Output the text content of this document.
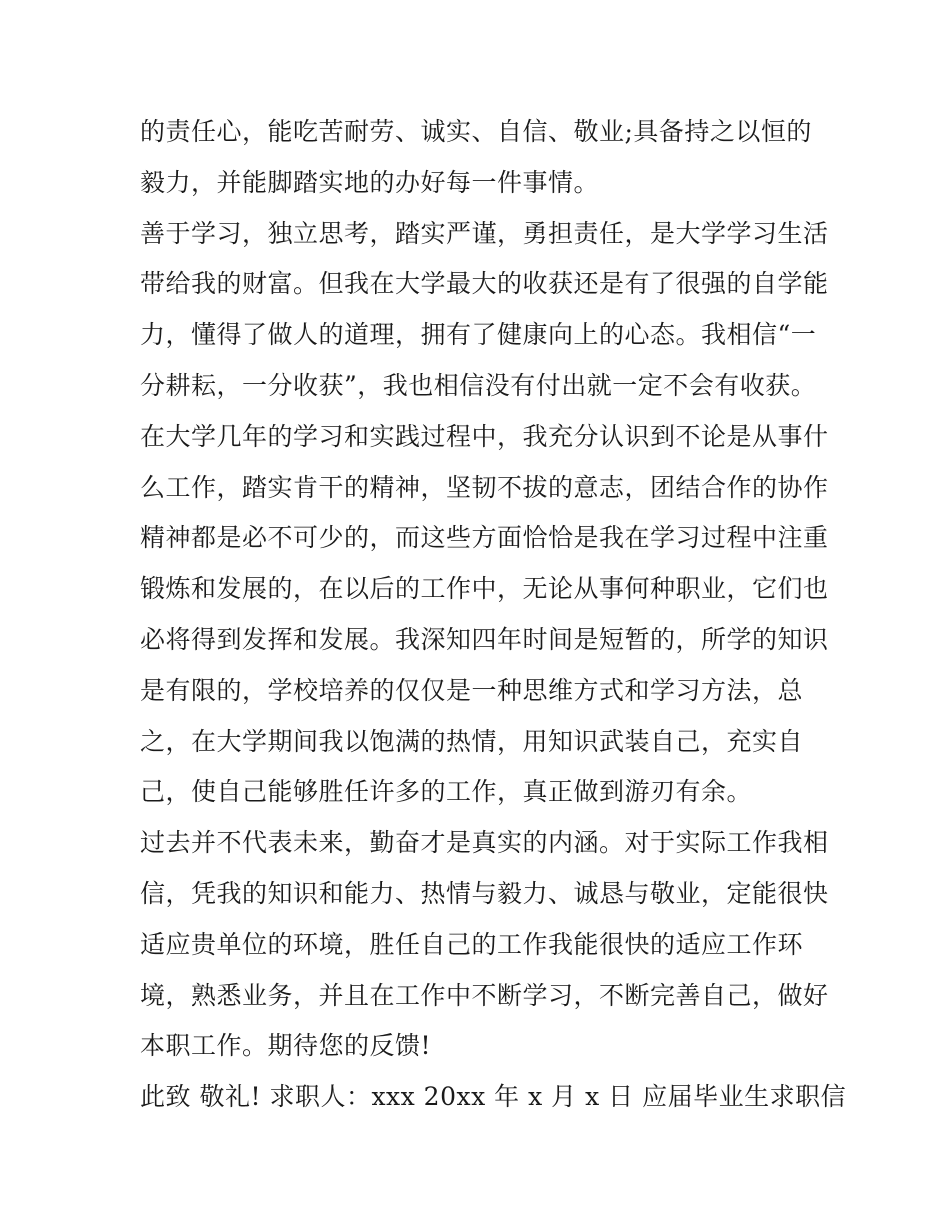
的责任心，能吃苦耐劳、诚实、自信、敬业;具备持之以恒的
毅力，并能脚踏实地的办好每一件事情。
善于学习，独立思考，踏实严谨，勇担责任，是大学学习生活
带给我的财富。但我在大学最大的收获还是有了很强的自学能
力，懂得了做人的道理，拥有了健康向上的心态。我相信“一
分耕耘，一分收获”，我也相信没有付出就一定不会有收获。
在大学几年的学习和实践过程中，我充分认识到不论是从事什
么工作，踏实肯干的精神，坚韧不拔的意志，团结合作的协作
精神都是必不可少的，而这些方面恰恰是我在学习过程中注重
锻炼和发展的，在以后的工作中，无论从事何种职业，它们也
必将得到发挥和发展。我深知四年时间是短暂的，所学的知识
是有限的，学校培养的仅仅是一种思维方式和学习方法，总
之，在大学期间我以饱满的热情，用知识武装自己，充实自
己，使自己能够胜任许多的工作，真正做到游刃有余。
过去并不代表未来，勤奋才是真实的内涵。对于实际工作我相
信，凭我的知识和能力、热情与毅力、诚恳与敬业，定能很快
适应贵单位的环境，胜任自己的工作我能很快的适应工作环
境，熟悉业务，并且在工作中不断学习，不断完善自己，做好
本职工作。期待您的反馈!
此致 敬礼! 求职人：xxx 20xx 年 x 月 x 日 应届毕业生求职信
